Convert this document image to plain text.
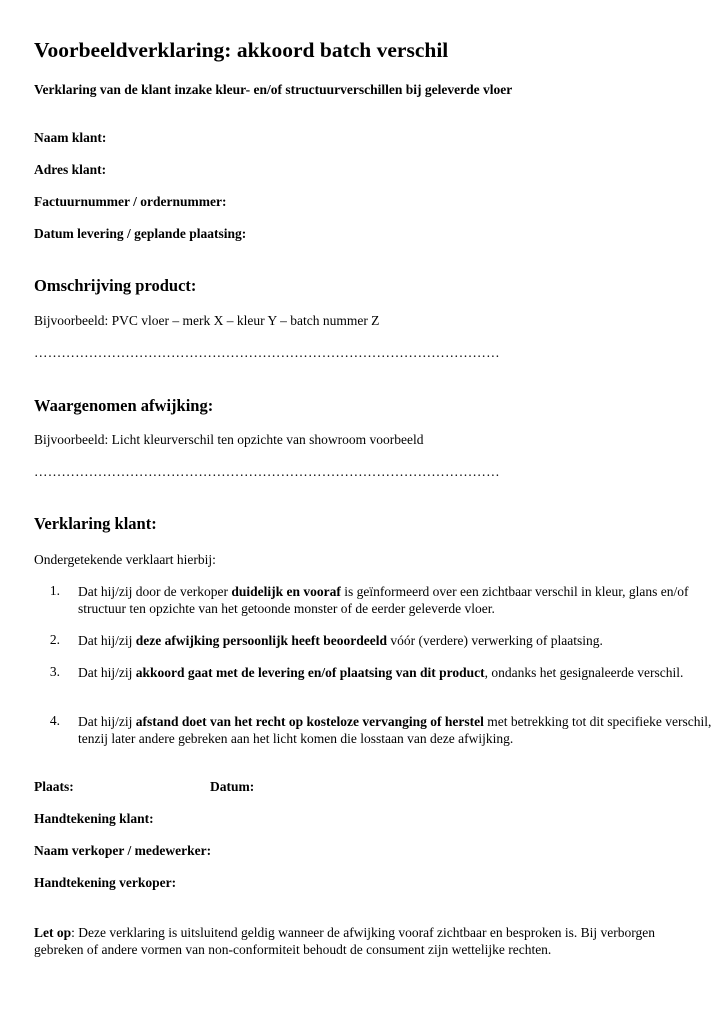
Voorbeeldverklaring: akkoord batch verschil
Verklaring van de klant inzake kleur- en/of structuurverschillen bij geleverde vloer
Naam klant:
Adres klant:
Factuurnummer / ordernummer:
Datum levering / geplande plaatsing:
Omschrijving product:
Bijvoorbeeld: PVC vloer – merk X – kleur Y – batch nummer Z
…………………………………………………………………………………………
Waargenomen afwijking:
Bijvoorbeeld: Licht kleurverschil ten opzichte van showroom voorbeeld
…………………………………………………………………………………………
Verklaring klant:
Ondergetekende verklaart hierbij:
1. Dat hij/zij door de verkoper duidelijk en vooraf is geïnformeerd over een zichtbaar verschil in kleur, glans en/of structuur ten opzichte van het getoonde monster of de eerder geleverde vloer.
2. Dat hij/zij deze afwijking persoonlijk heeft beoordeeld vóór (verdere) verwerking of plaatsing.
3. Dat hij/zij akkoord gaat met de levering en/of plaatsing van dit product, ondanks het gesignaleerde verschil.
4. Dat hij/zij afstand doet van het recht op kosteloze vervanging of herstel met betrekking tot dit specifieke verschil, tenzij later andere gebreken aan het licht komen die losstaan van deze afwijking.
Plaats:	Datum:
Handtekening klant:
Naam verkoper / medewerker:
Handtekening verkoper:
Let op: Deze verklaring is uitsluitend geldig wanneer de afwijking vooraf zichtbaar en besproken is. Bij verborgen gebreken of andere vormen van non-conformiteit behoudt de consument zijn wettelijke rechten.
